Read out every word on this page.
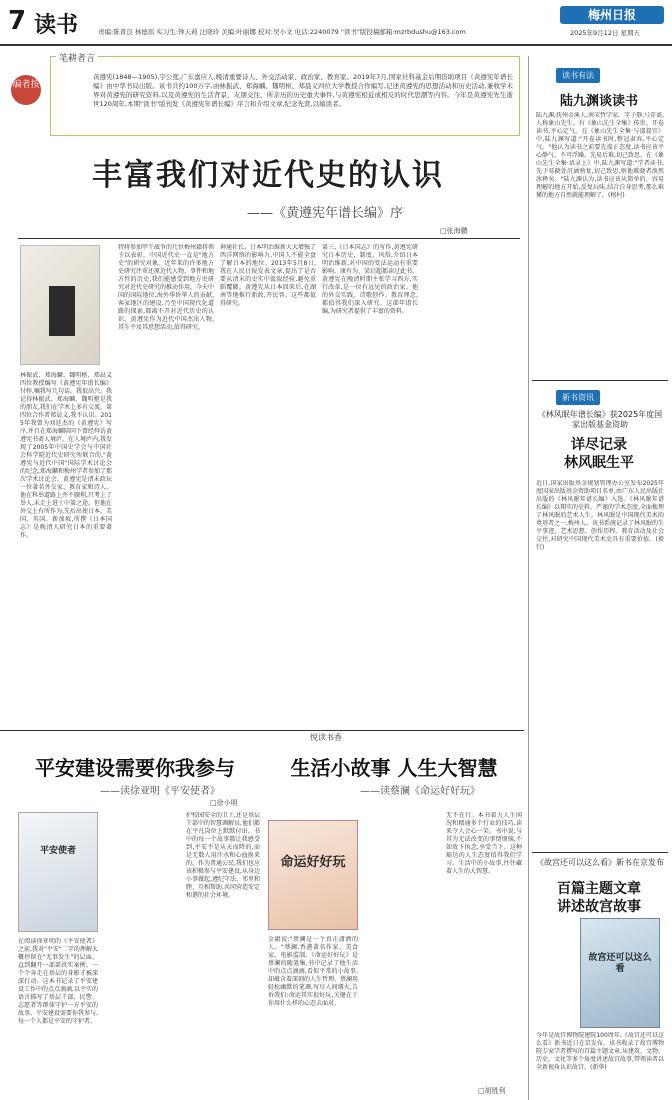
7 读书	责编:陈菁良 林德瑶 实习生:钟天莉 汪晓玲 美编:叶丽娜 校对:吴小文 电话:2240079 "读书"版投稿邮箱:mzrbdushu@163.com
梅州日报
2025年9月12日 星期五
笔耕者言
编者按
黄遵宪(1848—1905),字公度,广东嘉应人,晚清重要诗人、外交活动家、政治家、教育家。2019年7月,国家社科基金后期资助项目《黄遵宪年谱长编》由中华书局出版。该书共约100万字,由林振武、郑海麟、魏明枢、郑晨义四位大学教授合作编写,记述黄遵宪的思想活动和历史活动,兼收学术界对黄遵宪的研究资料,以及黄遵宪的生活背景、友朋交往、所亲历的历史重大事件,与黄遵宪相近或相反的时代思潮等内容。今年是黄遵宪先生逝世120周年,本期"读书"版刊发《黄遵宪年谱长编》序言和介绍文章,纪念先贤,以飨读者。
丰富我们对近代史的认识
——《黄遵宪年谱长编》序
□张海鹏
林振武、郑海麟、魏明枢、郑晨义四位教授编写《黄遵宪年谱长编》付梓,嘱我写几句话。我很高兴。我记得林振武、郑海麟、魏明枢是我的朋友,我们在学术上多有交流。第四位合作者郑晨义,我不认识。2015年我曾为刘廷杰的《黄遵宪》写序,并且在郑海麟陪同下曾经拜访黄遵宪书斋人境庐。在人境庐内,我发现了2005年中国史学会与中国社会科学院近代史研究所联合的,"黄遵宪与近代中国"国际学术讨论会的纪念,郑海麟和梅州学者参加了那次学术讨论会。黄遵宪是清末政坛一位著名外交家、教育家和诗人。他在科举道路上并不顺利,只考上了举人,未走上进士中第之途。但他在外交上有所作为,先后出使日本、美国、英国、新加坡,所撰《日本国志》是晚清人研究日本的重要著作。
特将参加甲午战争的几位梅州籍将领予以表彰。中国近代史一直是"地方史"的研究对象。近年来的许多地方史研究注重还原近代人物、事件和地方性的历史,我们能感受到地方史研究对近代史研究的推动作用。今天中国的国际地位,海外华侨华人的贡献,客家地区的建设,乃至中国现代化道路的探索,都离不开对近代历史的认识。黄遵宪作为近代中国杰出人物,其生平及其思想活动,值得研究。
神通社长。日本明治维新大大增强了西洋网络的影响力,中国人不能全盘了解日本的地位。2013年5月8日,我在人民日报发表文章,提出了是否要从清末的史实中汲取经验,避免重蹈覆辙。黄遵宪从日本回来后,在湖南等地推行新政,开民智。这些都值得研究。
第三,《日本国志》的写作,黄遵宪研究日本历史、制度、风俗,介绍日本明治维新,对中国的变法运动有重要影响。康有为、梁启超都读过此书。黄遵宪在晚清时期主张学习西方,实行改革,是一位有远见的政治家。他的外交实践、诗歌创作、教育理念,都值得我们深入研究。这部年谱长编,为研究者提供了丰富的资料。
悦读书香
平安建设需要你我参与
——读徐亚明《平安使者》
□徐小明
平安使者
在阅读徐亚明的《平安使者》之前,我对"平安"二字的理解大概停留在"无事发生"的层面。直到翻开一部部真实案例、一个个奔走在基层的身影才被深深打动。这本书记录了平安建设工作中的点点滴滴,以平实的语言描写了基层干部、民警、志愿者等群体守护一方平安的故事。平安建设需要你我参与,每一个人都是平安的守护者。
护校园安全的卫士,还是基层干部中的智慧调解员,他们都在平凡岗位上默默付出。书中的每一个故事都让我感受到,平安不是从天而降的,而是无数人用汗水和心血换来的。作为普通公民,我们也应该积极参与平安建设,从身边小事做起,遵纪守法、邻里和睦、互相帮助,共同营造安定和谐的社会环境。
生活小故事 人生大智慧
——读蔡澜《命运好好玩》
命运好好玩
金庸说:"蔡澜是一个真正潇洒的人。"蔡澜,香港著名作家、美食家、电影监制。《命运好好玩》是蔡澜的随笔集,书中记录了他生活中的点点滴滴,看似平常的小故事,却蕴含着深刻的人生哲理。蔡澜用轻松幽默的笔调,写尽人间烟火,告诉我们:命运其实很好玩,关键在于你用什么样的心态去面对。
无不在行。本书着力人生闲况和精通多个行业的技巧,读来令人会心一笑。书中说,与其为无法改变的事情烦恼,不如放下执念,享受当下。这种豁达的人生态度值得我们学习。生活中的小故事,往往藏着人生的大智慧。
□胡胜利
读书有法
陆九渊谈读书
陆九渊,抚州金溪人,南宋哲学家。字子静,号存斋,人称象山先生。有《象山先生全集》传世。开卷读书,平心定气。在《象山先生全集·与邵叔宜》中,陆九渊写道:"开卷读书时,整冠肃容,平心定气。"他认为读书之前要先端正态度,读书应该平心静气、不可浮躁。先易后难,切己致思。在《象山先生全集·语录上》中,陆九渊写道:"学者读书,先于易晓处沉涵熟复,切己致思,则他难晓者涣然冰释矣。"陆九渊认为,读书应该从简单的、容易理解的地方开始,反复玩味,结合自身思考,那么难懂的地方自然就能理解了。(榕村)
新书资讯
《林风眠年谱长编》获2025年度国家出版基金资助
详尽记录
林风眠生平
近日,国家出版基金规划管理办公室发布2025年度国家出版基金资助项目名单,由广东人民出版社出版的《林风眠年谱长编》入选。《林风眠年谱长编》以翔实的史料、严谨的学术态度,全面梳理了林风眠的艺术人生。林风眠是中国现代美术的奠基者之一,梅州人。该书系统记录了林风眠的生平事迹、艺术思想、创作历程、教育活动及社会交往,对研究中国现代美术史具有重要价值。(毅行)
《故宫还可以这么看》新书在京发布
百篇主题文章
讲述故宫故事
故宫还可以这么看
今年是故宫博物院建院100周年,《故宫还可以这么看》新书近日在京发布。该书收录了故宫博物院专家学者撰写的百篇主题文章,从建筑、文物、历史、文化等多个角度讲述故宫故事,带领读者以全新视角认识故宫。(新华)
